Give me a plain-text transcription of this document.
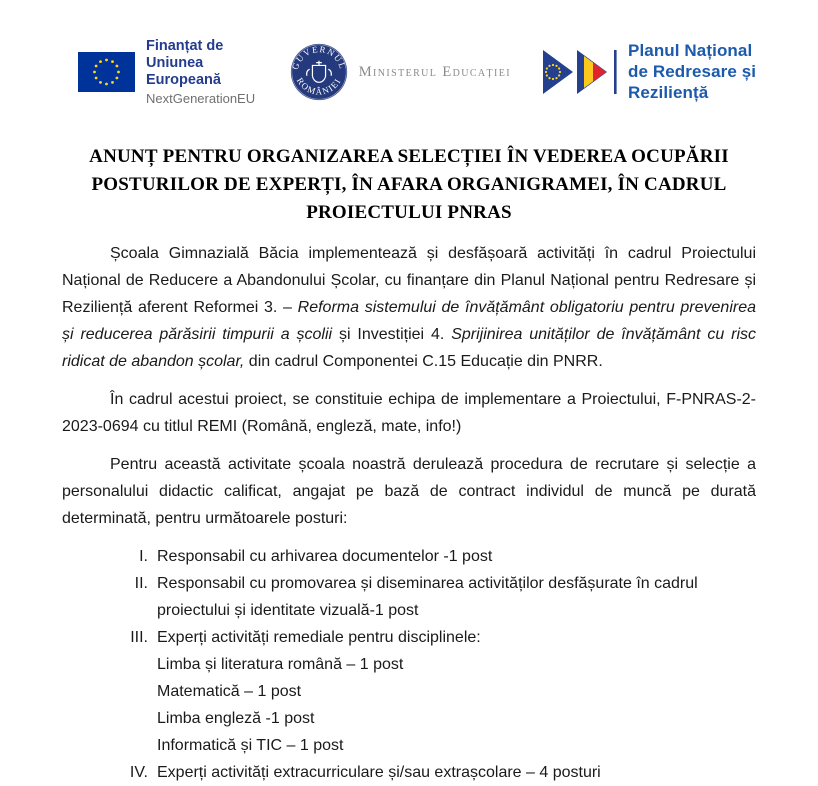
Finanțat de
Uniunea Europeană
NextGenerationEU
GUVERNUL
ROMÂNIEI
Ministerul Educației
Planul Național
de Redresare și Reziliență
ANUNȚ PENTRU ORGANIZAREA SELECȚIEI ÎN VEDEREA OCUPĂRII
POSTURILOR DE EXPERȚI, ÎN AFARA ORGANIGRAMEI, ÎN CADRUL
PROIECTULUI PNRAS

Școala Gimnazială Băcia implementează și desfășoară activități în cadrul Proiectului Național de Reducere a Abandonului Școlar, cu finanțare din Planul Național pentru Redresare și Reziliență aferent Reformei 3. – Reforma sistemului de învățământ obligatoriu pentru prevenirea și reducerea părăsirii timpurii a școlii și Investiției 4. Sprijinirea unităților de învățământ cu risc ridicat de abandon școlar, din cadrul Componentei C.15 Educație din PNRR.

În cadrul acestui proiect, se constituie echipa de implementare a Proiectului, F-PNRAS-2-2023-0694 cu titlul REMI (Română, engleză, mate, info!)

Pentru această activitate școala noastră derulează procedura de recrutare și selecție a personalului didactic calificat, angajat pe bază de contract individul de muncă pe durată determinată, pentru următoarele posturi:

I. Responsabil cu arhivarea documentelor -1 post
II. Responsabil cu promovarea și diseminarea activităților desfășurate în cadrul proiectului și identitate vizuală-1 post
III. Experți activități remediale pentru disciplinele:
Limba și literatura română – 1 post
Matematică – 1 post
Limba engleză -1 post
Informatică și TIC – 1 post
IV. Experți activități extracurriculare și/sau extrașcolare – 4 posturi
